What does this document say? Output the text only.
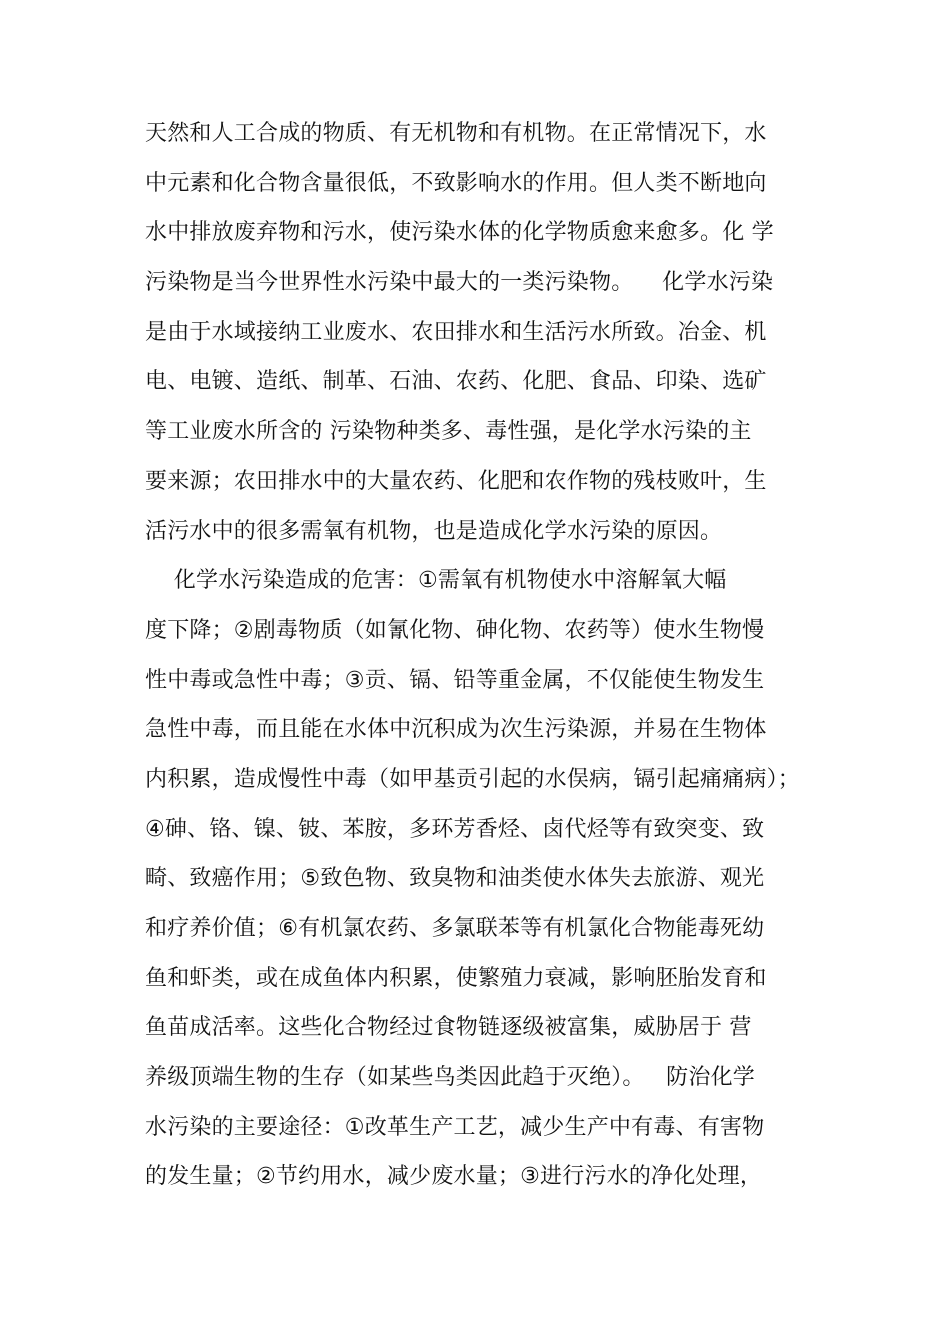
天然和人工合成的物质、有无机物和有机物。在正常情况下，水
中元素和化合物含量很低，不致影响水的作用。但人类不断地向
水中排放废弃物和污水，使污染水体的化学物质愈来愈多。化 学
污染物是当今世界性水污染中最大的一类污染物。    化学水污染
是由于水域接纳工业废水、农田排水和生活污水所致。冶金、机
电、电镀、造纸、制革、石油、农药、化肥、食品、印染、选矿
等工业废水所含的 污染物种类多、毒性强，是化学水污染的主
要来源；农田排水中的大量农药、化肥和农作物的残枝败叶，生
活污水中的很多需氧有机物，也是造成化学水污染的原因。
化学水污染造成的危害：①需氧有机物使水中溶解氧大幅
度下降；②剧毒物质（如氰化物、砷化物、农药等）使水生物慢
性中毒或急性中毒；③贡、镉、铅等重金属，不仅能使生物发生
急性中毒，而且能在水体中沉积成为次生污染源，并易在生物体
内积累，造成慢性中毒（如甲基贡引起的水俣病，镉引起痛痛病）；
④砷、铬、镍、铍、苯胺，多环芳香烃、卤代烃等有致突变、致
畸、致癌作用；⑤致色物、致臭物和油类使水体失去旅游、观光
和疗养价值；⑥有机氯农药、多氯联苯等有机氯化合物能毒死幼
鱼和虾类，或在成鱼体内积累，使繁殖力衰减，影响胚胎发育和
鱼苗成活率。这些化合物经过食物链逐级被富集，威胁居于 营
养级顶端生物的生存（如某些鸟类因此趋于灭绝）。   防治化学
水污染的主要途径：①改革生产工艺，减少生产中有毒、有害物
的发生量；②节约用水，减少废水量；③进行污水的净化处理，
